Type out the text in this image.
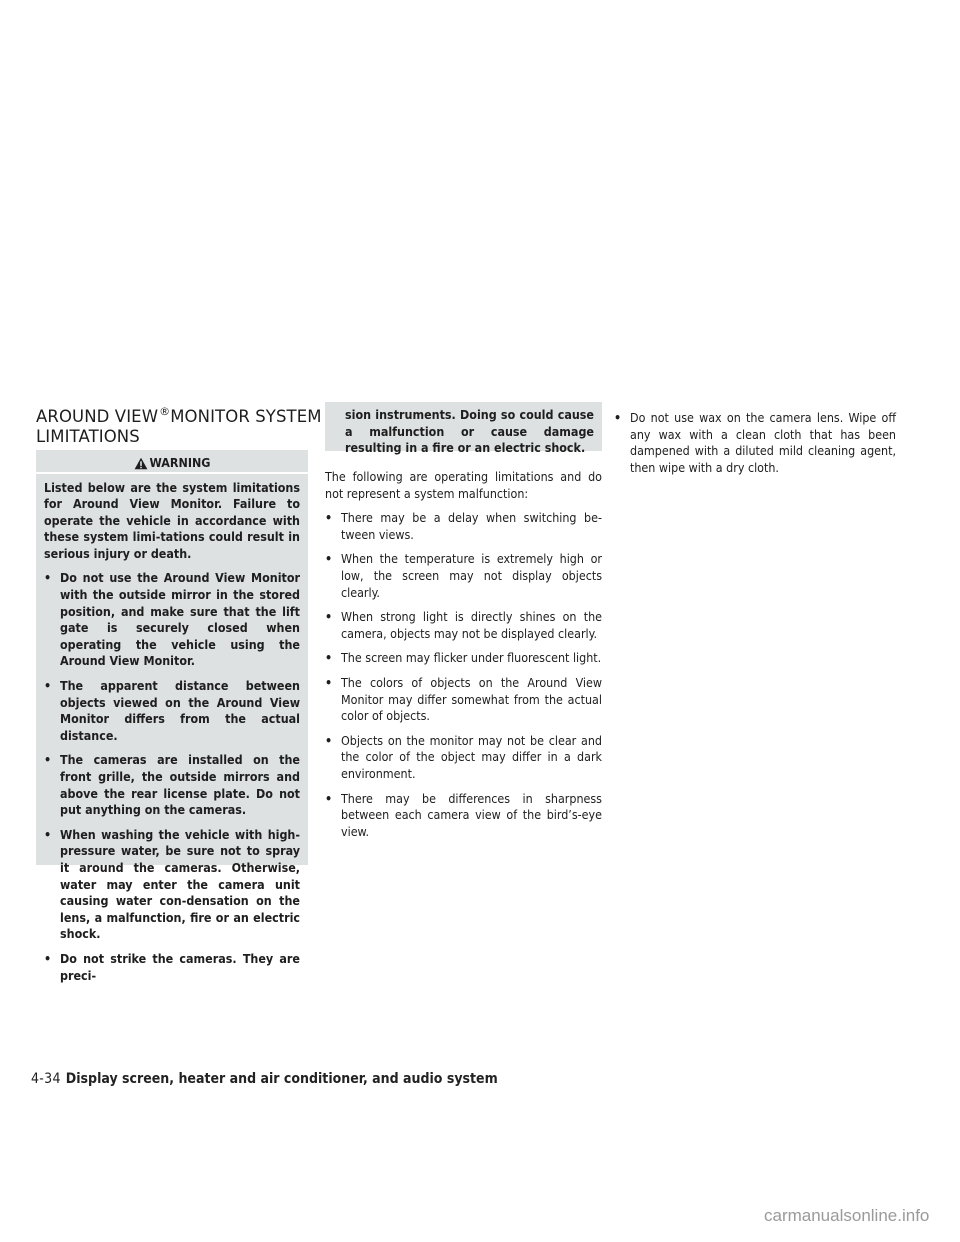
AROUND VIEW®MONITOR SYSTEM
LIMITATIONS
WARNING

Listed below are the system limitations for Around View Monitor. Failure to operate the vehicle in accordance with these system limi-tations could result in serious injury or death.

• Do not use the Around View Monitor with the outside mirror in the stored position, and make sure that the lift gate is securely closed when operating the vehicle using the Around View Monitor.

• The apparent distance between objects viewed on the Around View Monitor differs from the actual distance.

• The cameras are installed on the front grille, the outside mirrors and above the rear license plate. Do not put anything on the cameras.

• When washing the vehicle with high-pressure water, be sure not to spray it around the cameras. Otherwise, water may enter the camera unit causing water con-densation on the lens, a malfunction, fire or an electric shock.

• Do not strike the cameras. They are preci-

sion instruments. Doing so could cause a malfunction or cause damage resulting in a fire or an electric shock.

The following are operating limitations and do not represent a system malfunction:

• There may be a delay when switching be-tween views.

• When the temperature is extremely high or low, the screen may not display objects clearly.

• When strong light is directly shines on the camera, objects may not be displayed clearly.

• The screen may flicker under fluorescent light.

• The colors of objects on the Around View Monitor may differ somewhat from the actual color of objects.

• Objects on the monitor may not be clear and the color of the object may differ in a dark environment.

• There may be differences in sharpness between each camera view of the bird’s-eye view.

• Do not use wax on the camera lens. Wipe off any wax with a clean cloth that has been dampened with a diluted mild cleaning agent, then wipe with a dry cloth.

4-34 Display screen, heater and air conditioner, and audio system
carmanualsonline.info
